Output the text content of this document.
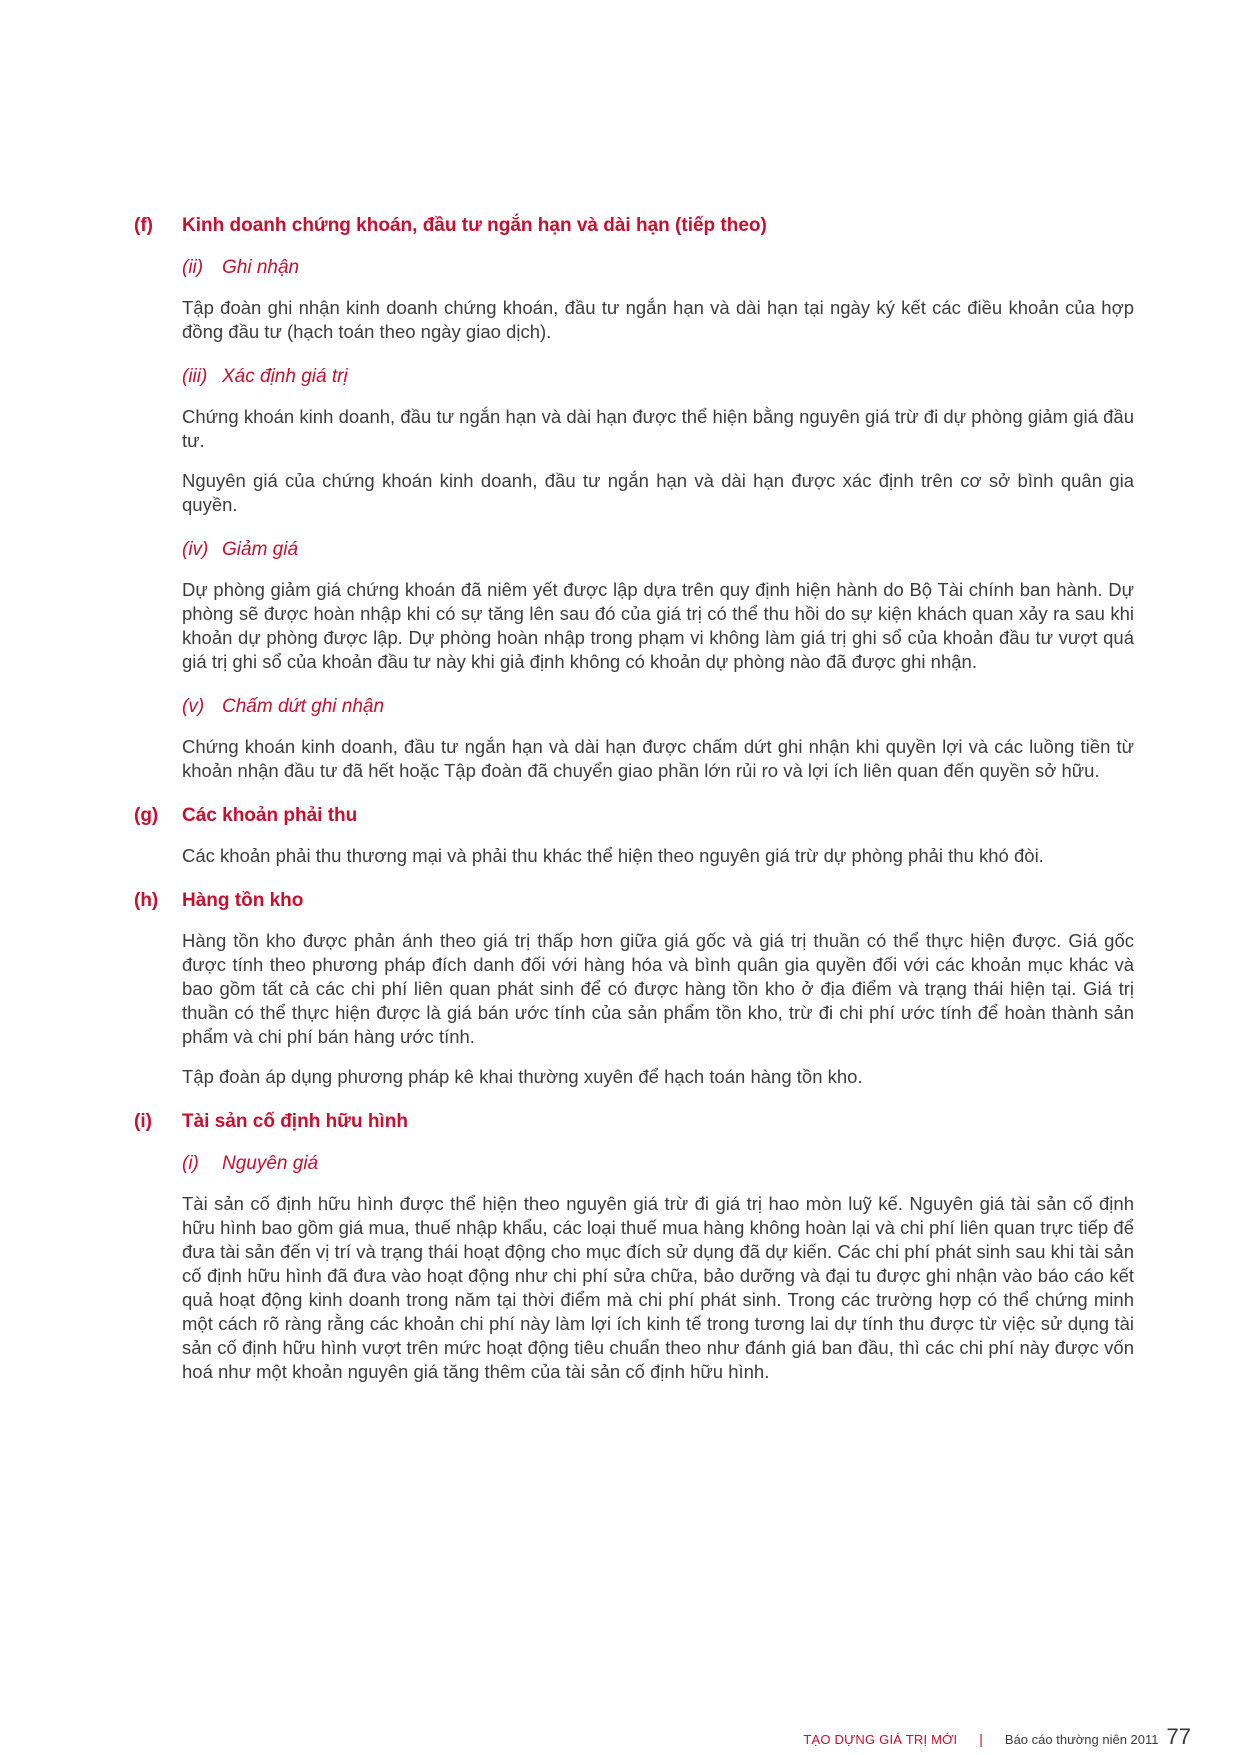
(f)	Kinh doanh chứng khoán, đầu tư ngắn hạn và dài hạn (tiếp theo)
(ii) Ghi nhận
Tập đoàn ghi nhận kinh doanh chứng khoán, đầu tư ngắn hạn và dài hạn tại ngày ký kết các điều khoản của hợp đồng đầu tư (hạch toán theo ngày giao dịch).
(iii) Xác định giá trị
Chứng khoán kinh doanh, đầu tư ngắn hạn và dài hạn được thể hiện bằng nguyên giá trừ đi dự phòng giảm giá đầu tư.
Nguyên giá của chứng khoán kinh doanh, đầu tư ngắn hạn và dài hạn được xác định trên cơ sở bình quân gia quyền.
(iv) Giảm giá
Dự phòng giảm giá chứng khoán đã niêm yết được lập dựa trên quy định hiện hành do Bộ Tài chính ban hành. Dự phòng sẽ được hoàn nhập khi có sự tăng lên sau đó của giá trị có thể thu hồi do sự kiện khách quan xảy ra sau khi khoản dự phòng được lập. Dự phòng hoàn nhập trong phạm vi không làm giá trị ghi sổ của khoản đầu tư vượt quá giá trị ghi sổ của khoản đầu tư này khi giả định không có khoản dự phòng nào đã được ghi nhận.
(v) Chấm dứt ghi nhận
Chứng khoán kinh doanh, đầu tư ngắn hạn và dài hạn được chấm dứt ghi nhận khi quyền lợi và các luồng tiền từ khoản nhận đầu tư đã hết hoặc Tập đoàn đã chuyển giao phần lớn rủi ro và lợi ích liên quan đến quyền sở hữu.
(g)	Các khoản phải thu
Các khoản phải thu thương mại và phải thu khác thể hiện theo nguyên giá trừ dự phòng phải thu khó đòi.
(h)	Hàng tồn kho
Hàng tồn kho được phản ánh theo giá trị thấp hơn giữa giá gốc và giá trị thuần có thể thực hiện được. Giá gốc được tính theo phương pháp đích danh đối với hàng hóa và bình quân gia quyền đối với các khoản mục khác và bao gồm tất cả các chi phí liên quan phát sinh để có được hàng tồn kho ở địa điểm và trạng thái hiện tại. Giá trị thuần có thể thực hiện được là giá bán ước tính của sản phẩm tồn kho, trừ đi chi phí ước tính để hoàn thành sản phẩm và chi phí bán hàng ước tính.
Tập đoàn áp dụng phương pháp kê khai thường xuyên để hạch toán hàng tồn kho.
(i)	Tài sản cố định hữu hình
(i)	Nguyên giá
Tài sản cố định hữu hình được thể hiện theo nguyên giá trừ đi giá trị hao mòn luỹ kế. Nguyên giá tài sản cố định hữu hình bao gồm giá mua, thuế nhập khẩu, các loại thuế mua hàng không hoàn lại và chi phí liên quan trực tiếp để đưa tài sản đến vị trí và trạng thái hoạt động cho mục đích sử dụng đã dự kiến. Các chi phí phát sinh sau khi tài sản cố định hữu hình đã đưa vào hoạt động như chi phí sửa chữa, bảo dưỡng và đại tu được ghi nhận vào báo cáo kết quả hoạt động kinh doanh trong năm tại thời điểm mà chi phí phát sinh. Trong các trường hợp có thể chứng minh một cách rõ ràng rằng các khoản chi phí này làm lợi ích kinh tế trong tương lai dự tính thu được từ việc sử dụng tài sản cố định hữu hình vượt trên mức hoạt động tiêu chuẩn theo như đánh giá ban đầu, thì các chi phí này được vốn hoá như một khoản nguyên giá tăng thêm của tài sản cố định hữu hình.
TẠO DỰNG GIÁ TRỊ MỚI | Báo cáo thường niên 2011 77
